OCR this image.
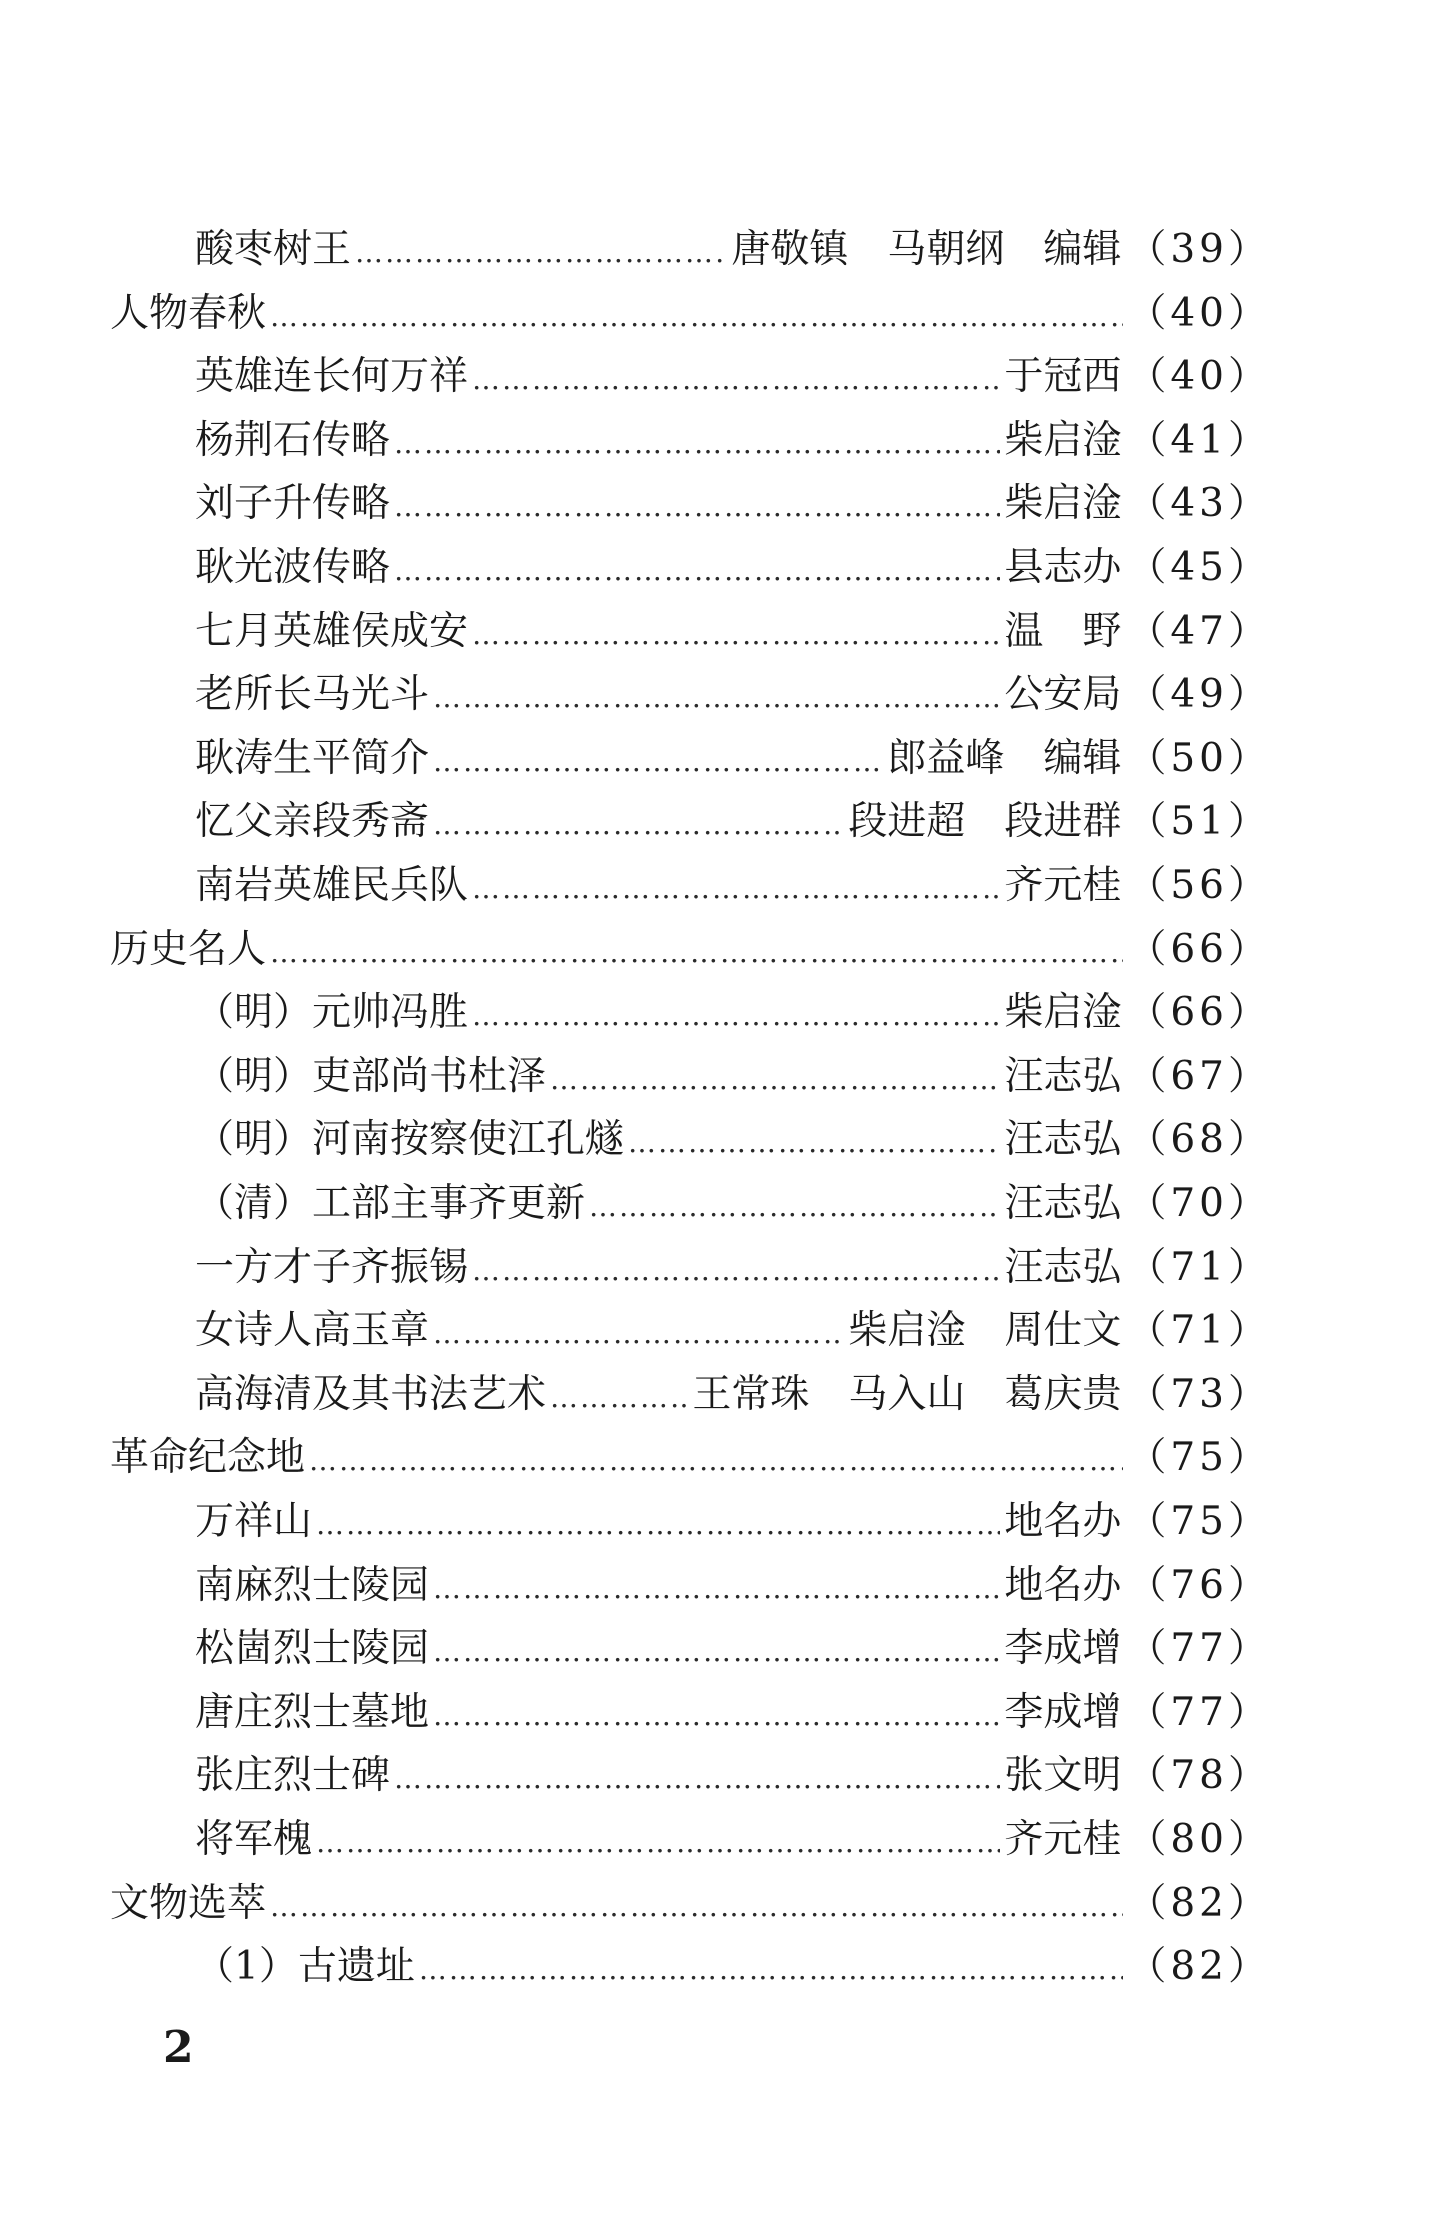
酸枣树王 ……………………………………………………………………………………………………………………………………………………………………………………	唐敬镇　马朝纲　编辑 （39）
人物春秋 ……………………………………………………………………………………………………………………………………………………………………………………	（40）
英雄连长何万祥 ……………………………………………………………………………………………………………………………………………………………………………………	于冠西 （40）
杨荆石传略 ……………………………………………………………………………………………………………………………………………………………………………………	柴启淦 （41）
刘子升传略 ……………………………………………………………………………………………………………………………………………………………………………………	柴启淦 （43）
耿光波传略 ……………………………………………………………………………………………………………………………………………………………………………………	县志办 （45）
七月英雄侯成安 ……………………………………………………………………………………………………………………………………………………………………………………	温　野 （47）
老所长马光斗 ……………………………………………………………………………………………………………………………………………………………………………………	公安局 （49）
耿涛生平简介 ……………………………………………………………………………………………………………………………………………………………………………………	郎益峰　编辑 （50）
忆父亲段秀斋 ……………………………………………………………………………………………………………………………………………………………………………………	段进超　段进群 （51）
南岩英雄民兵队 ……………………………………………………………………………………………………………………………………………………………………………………	齐元桂 （56）
历史名人 ……………………………………………………………………………………………………………………………………………………………………………………	（66）
（明）元帅冯胜 ……………………………………………………………………………………………………………………………………………………………………………………	柴启淦 （66）
（明）吏部尚书杜泽 ……………………………………………………………………………………………………………………………………………………………………………………	汪志弘 （67）
（明）河南按察使江孔燧 ……………………………………………………………………………………………………………………………………………………………………………………	汪志弘 （68）
（清）工部主事齐更新 ……………………………………………………………………………………………………………………………………………………………………………………	汪志弘 （70）
一方才子齐振锡 ……………………………………………………………………………………………………………………………………………………………………………………	汪志弘 （71）
女诗人高玉章 ……………………………………………………………………………………………………………………………………………………………………………………	柴启淦　周仕文 （71）
高海清及其书法艺术 ……………………………………………………………………………………………………………………………………………………………………………………	王常珠　马入山　葛庆贵 （73）
革命纪念地 ……………………………………………………………………………………………………………………………………………………………………………………	（75）
万祥山 ……………………………………………………………………………………………………………………………………………………………………………………	地名办 （75）
南麻烈士陵园 ……………………………………………………………………………………………………………………………………………………………………………………	地名办 （76）
松崮烈士陵园 ……………………………………………………………………………………………………………………………………………………………………………………	李成增 （77）
唐庄烈士墓地 ……………………………………………………………………………………………………………………………………………………………………………………	李成增 （77）
张庄烈士碑 ……………………………………………………………………………………………………………………………………………………………………………………	张文明 （78）
将军槐 ……………………………………………………………………………………………………………………………………………………………………………………	齐元桂 （80）
文物选萃 ……………………………………………………………………………………………………………………………………………………………………………………	（82）
（1）古遗址 ……………………………………………………………………………………………………………………………………………………………………………………	（82）
2
